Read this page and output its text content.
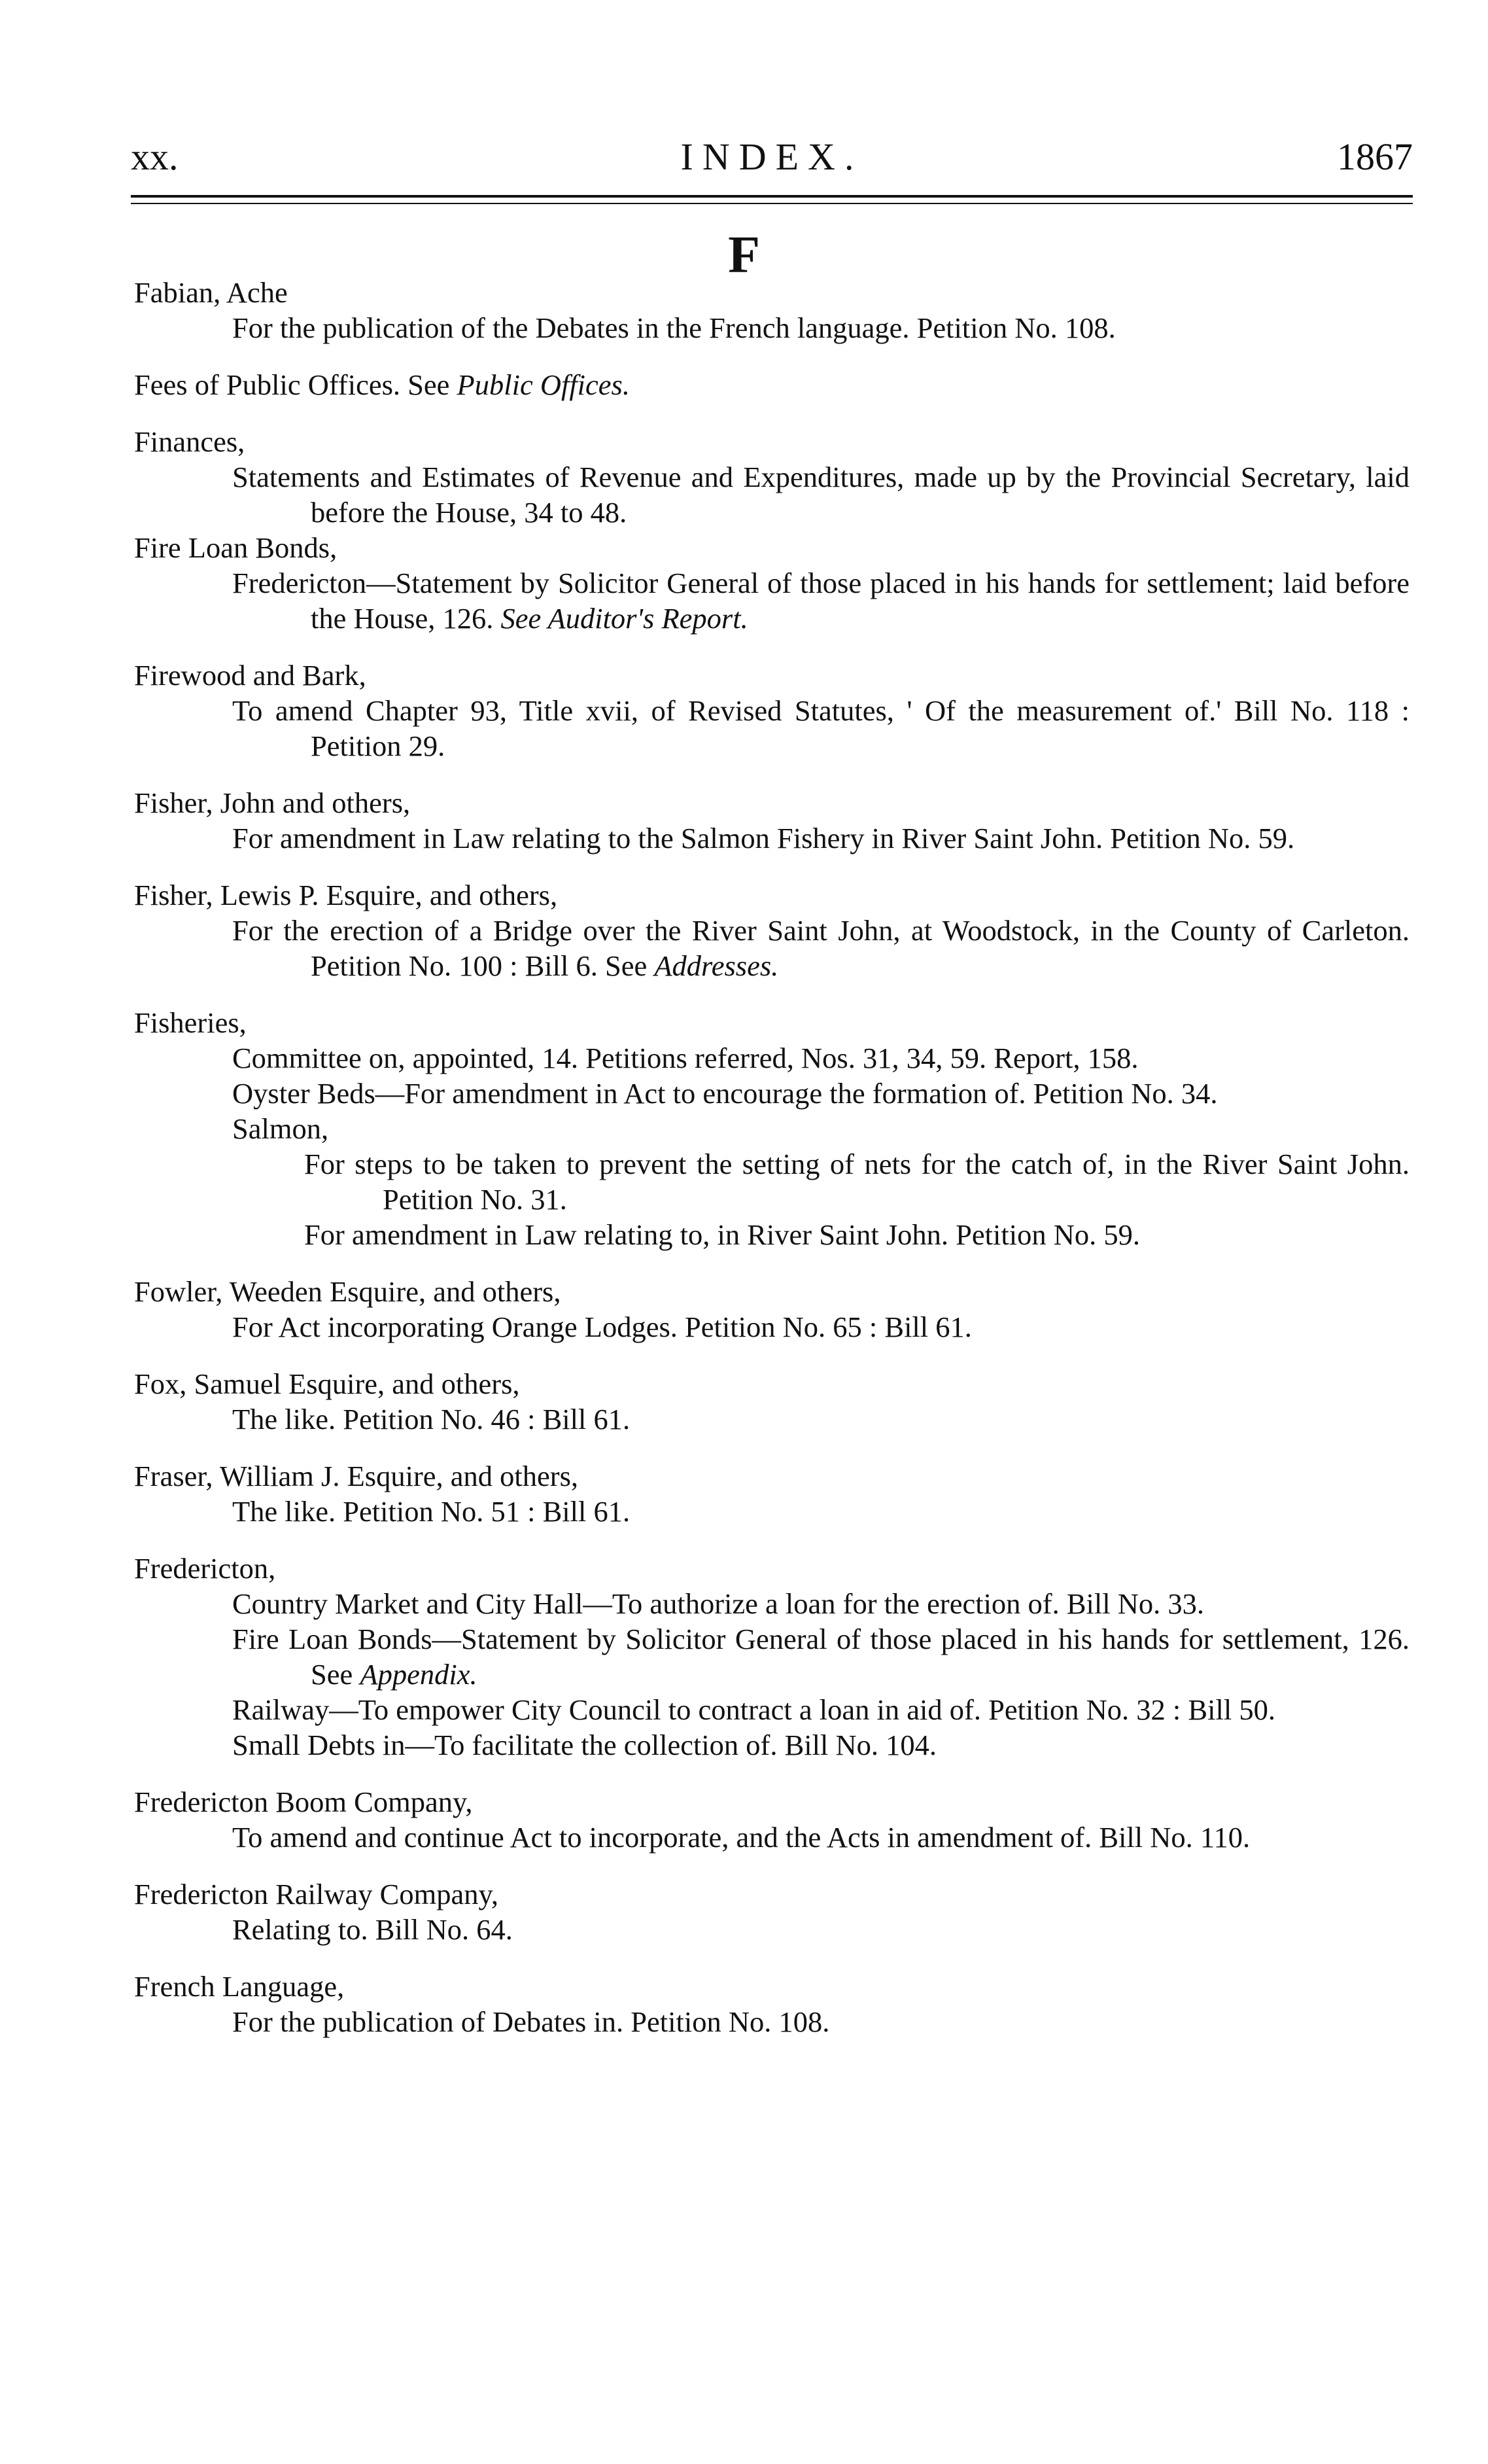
xx.	INDEX.	1867
F
Fabian, Ache
For the publication of the Debates in the French language. Petition No. 108.
Fees of Public Offices. See Public Offices.
Finances,
Statements and Estimates of Revenue and Expenditures, made up by the Provincial Secretary, laid before the House, 34 to 48.
Fire Loan Bonds,
Fredericton—Statement by Solicitor General of those placed in his hands for settlement; laid before the House, 126. See Auditor's Report.
Firewood and Bark,
To amend Chapter 93, Title xvii, of Revised Statutes, ' Of the measurement of.' Bill No. 118 : Petition 29.
Fisher, John and others,
For amendment in Law relating to the Salmon Fishery in River Saint John. Petition No. 59.
Fisher, Lewis P. Esquire, and others,
For the erection of a Bridge over the River Saint John, at Woodstock, in the County of Carleton. Petition No. 100 : Bill 6. See Addresses.
Fisheries,
Committee on, appointed, 14. Petitions referred, Nos. 31, 34, 59. Report, 158.
Oyster Beds—For amendment in Act to encourage the formation of. Petition No. 34.
Salmon,
For steps to be taken to prevent the setting of nets for the catch of, in the River Saint John. Petition No. 31.
For amendment in Law relating to, in River Saint John. Petition No. 59.
Fowler, Weeden Esquire, and others,
For Act incorporating Orange Lodges. Petition No. 65 : Bill 61.
Fox, Samuel Esquire, and others,
The like. Petition No. 46 : Bill 61.
Fraser, William J. Esquire, and others,
The like. Petition No. 51 : Bill 61.
Fredericton,
Country Market and City Hall—To authorize a loan for the erection of. Bill No. 33.
Fire Loan Bonds—Statement by Solicitor General of those placed in his hands for settlement, 126. See Appendix.
Railway—To empower City Council to contract a loan in aid of. Petition No. 32 : Bill 50.
Small Debts in—To facilitate the collection of. Bill No. 104.
Fredericton Boom Company,
To amend and continue Act to incorporate, and the Acts in amendment of. Bill No. 110.
Fredericton Railway Company,
Relating to. Bill No. 64.
French Language,
For the publication of Debates in. Petition No. 108.
